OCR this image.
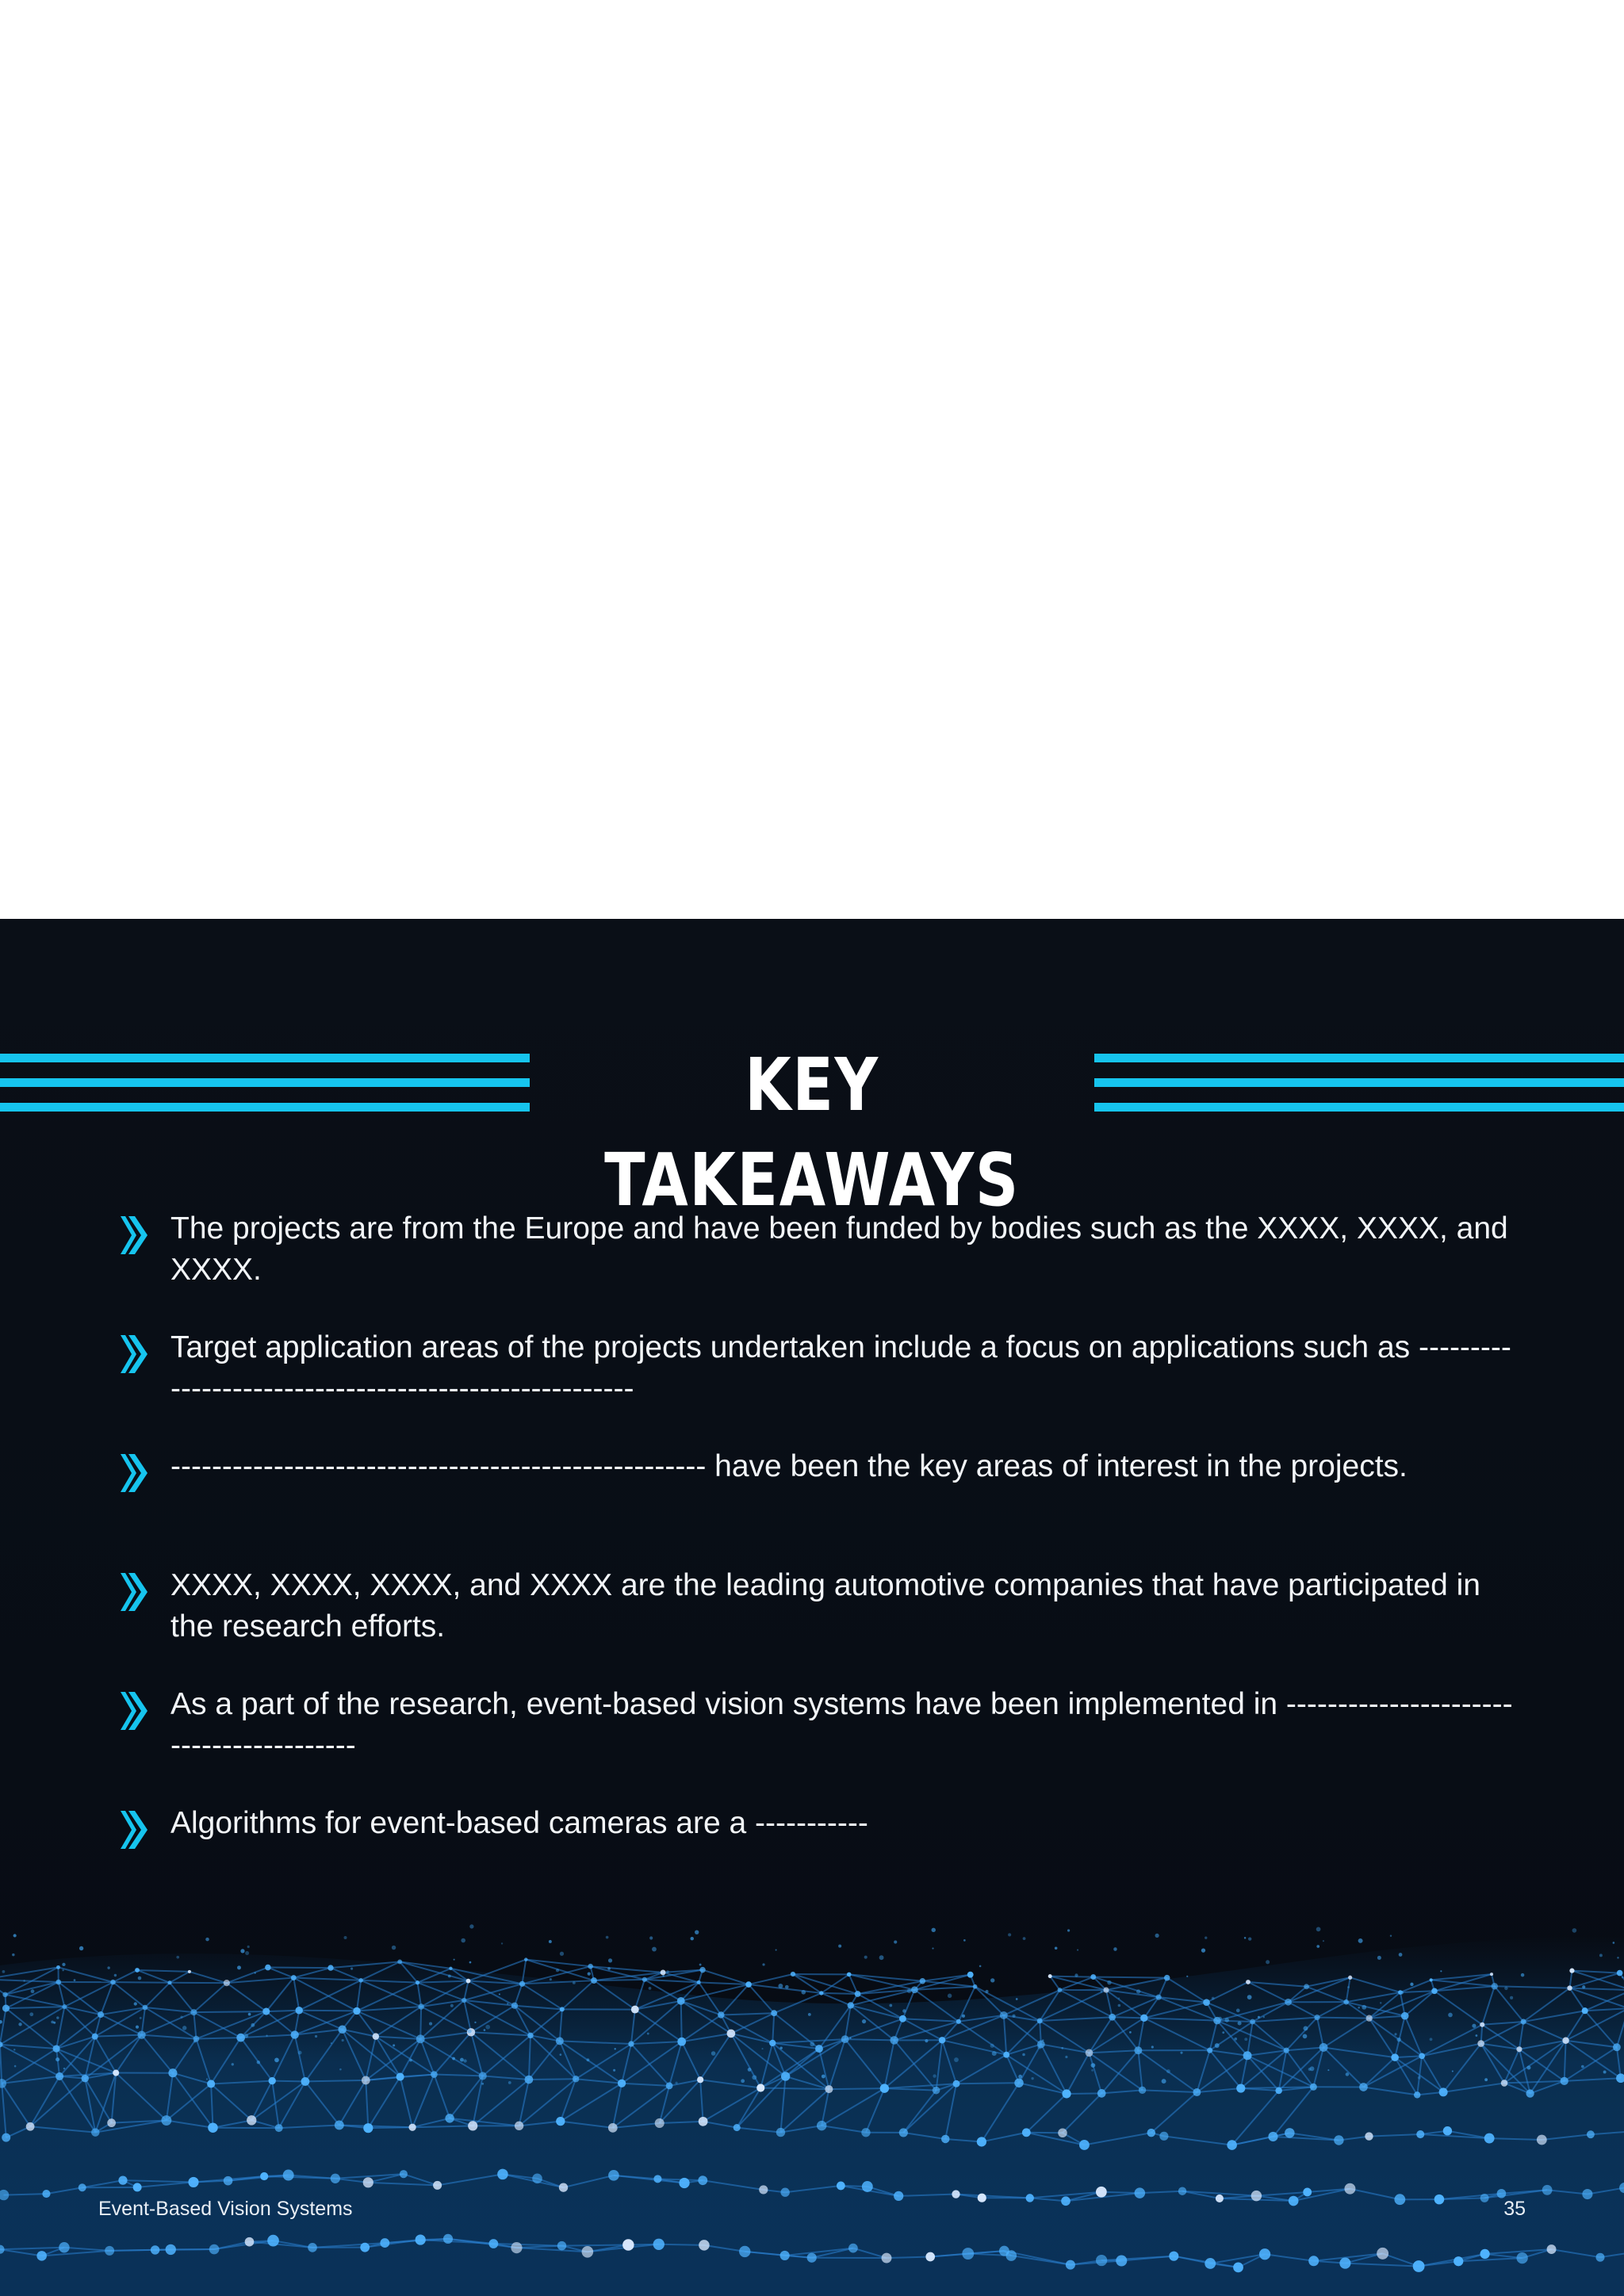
KEY TAKEAWAYS
The projects are from the Europe and have been funded by bodies such as the XXXX, XXXX, and XXXX.
Target application areas of the projects undertaken include a focus on applications such as ------------------------------------------------------
---------------------------------------------------- have been the key areas of interest in the projects.
XXXX, XXXX, XXXX, and XXXX are the leading automotive companies that have participated in the research efforts.
As a part of the research, event-based vision systems have been implemented in ----------------------------------------
Algorithms for event-based cameras are a -----------
Event-Based Vision Systems	35
